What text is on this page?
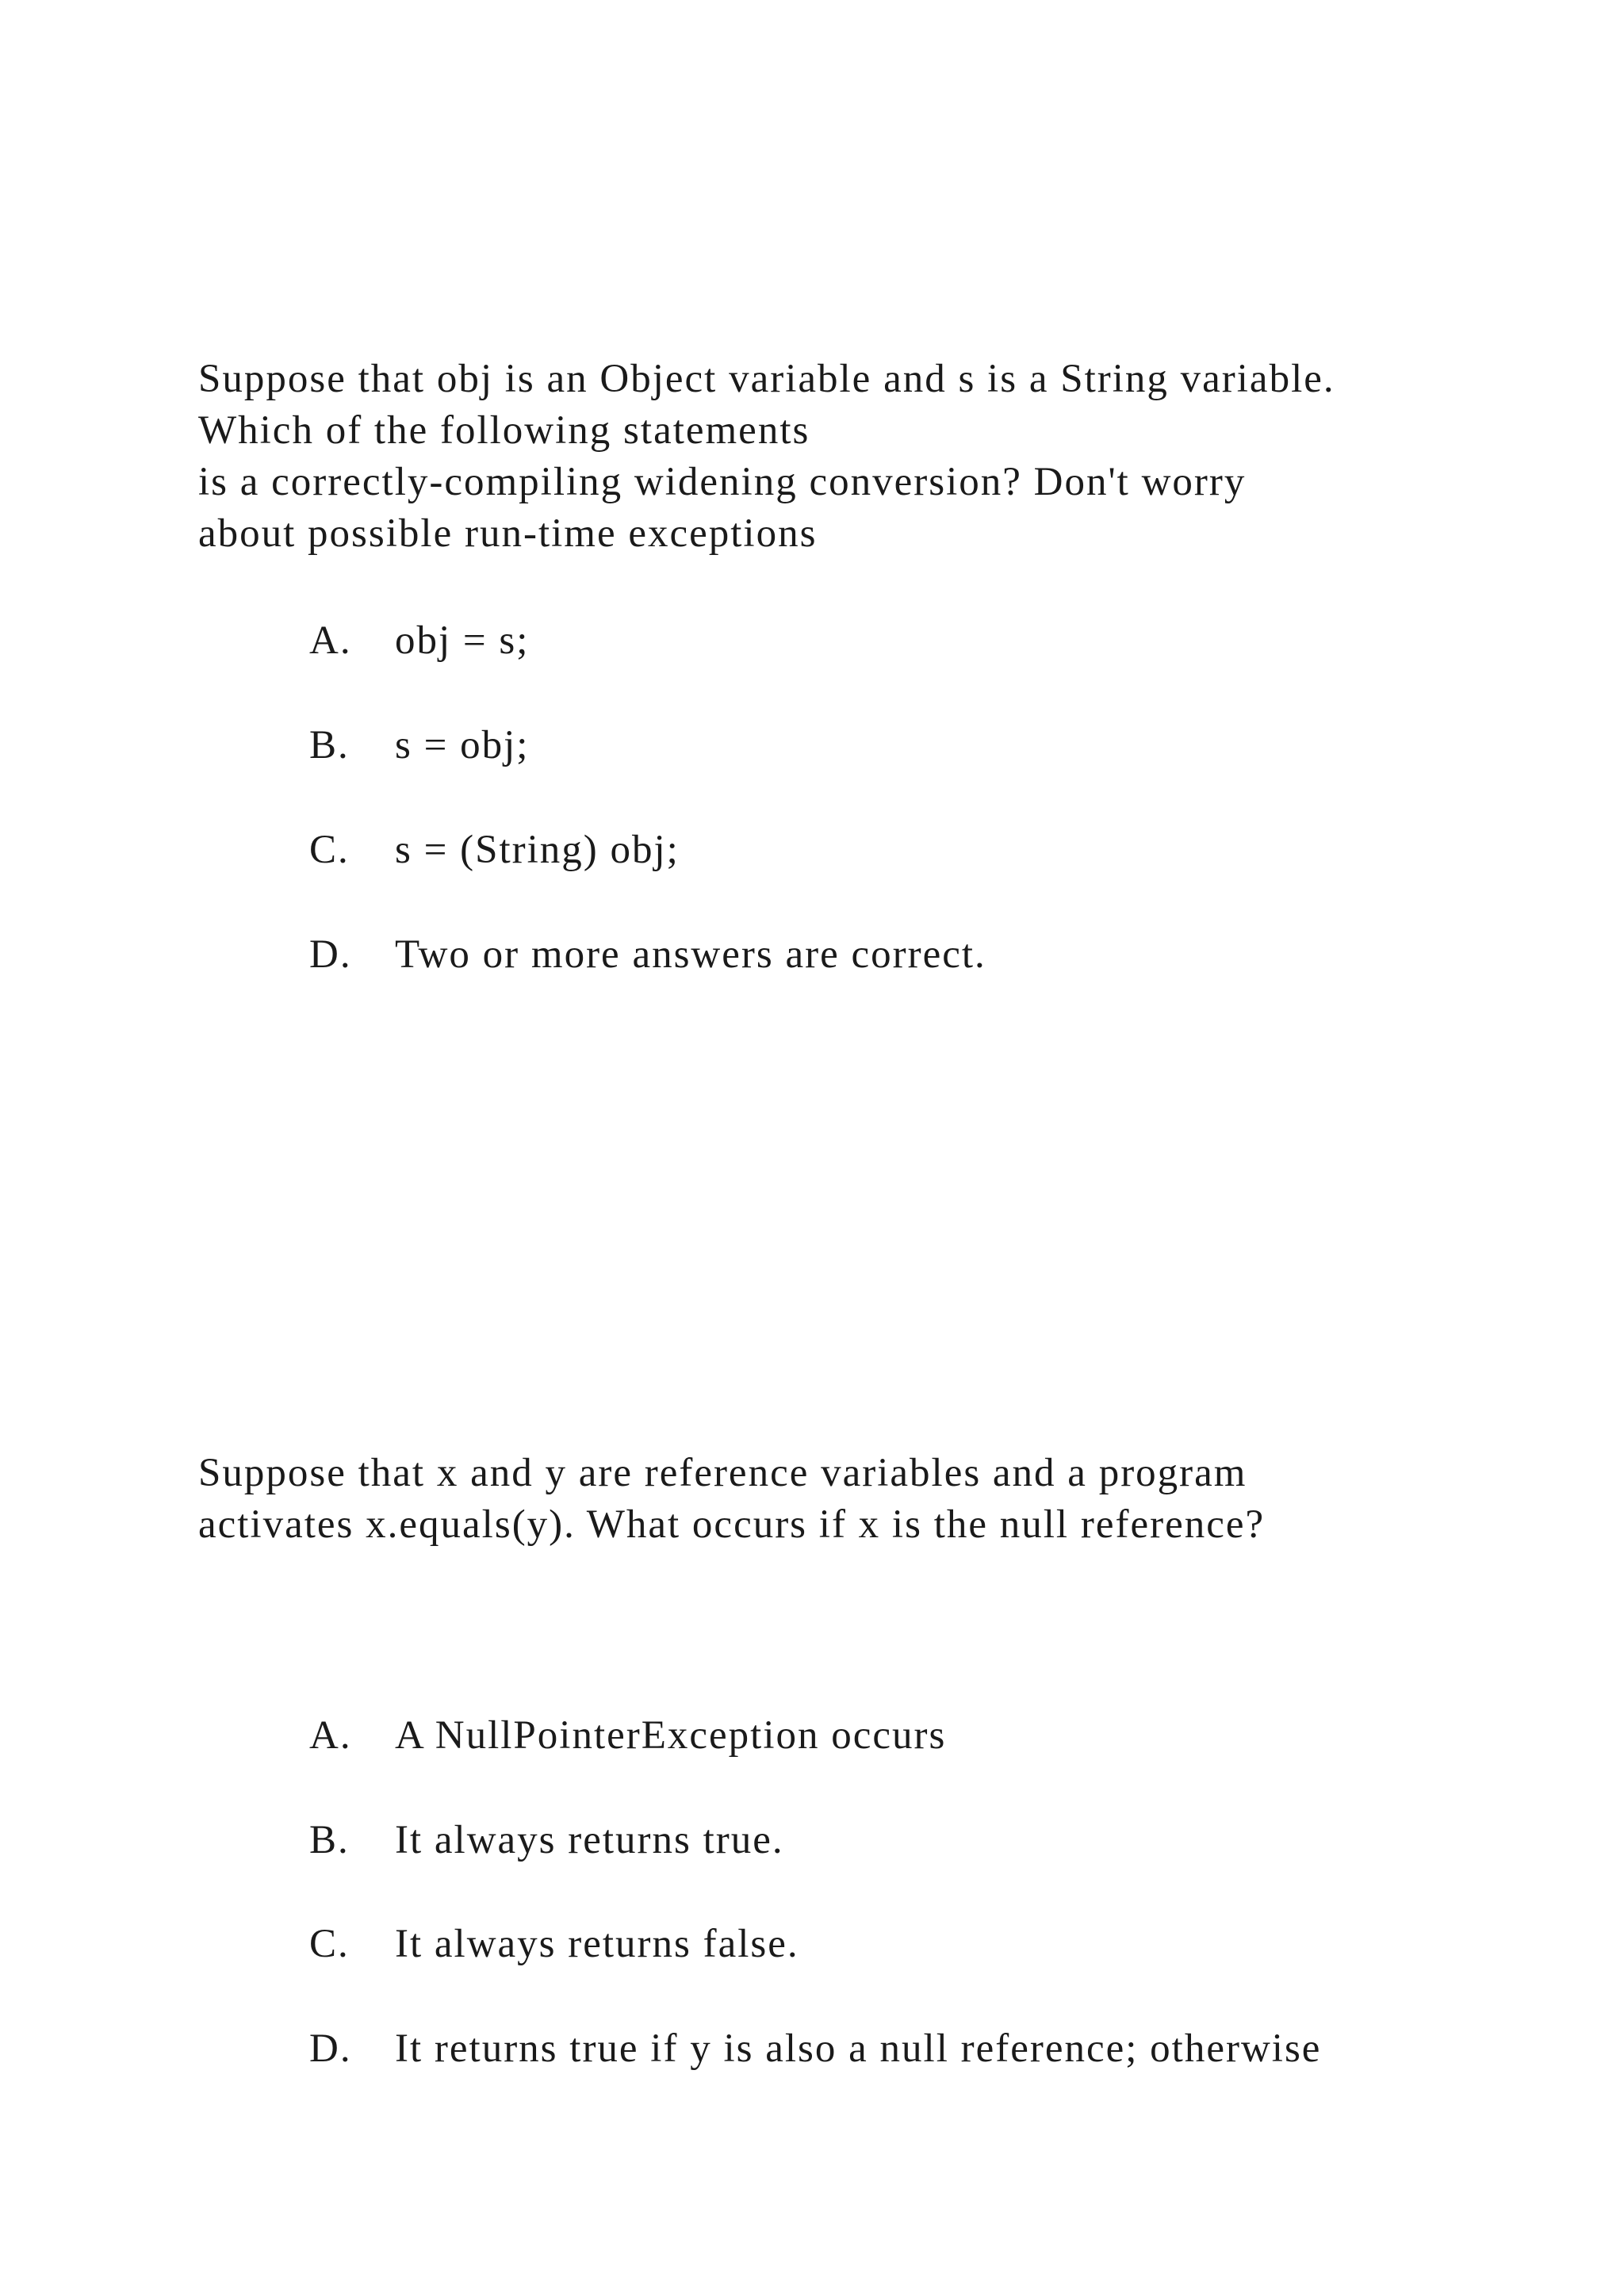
Suppose that obj is an Object variable and s is a String variable.
Which of the following statements
is a correctly-compiling widening conversion? Don't worry
about possible run-time exceptions

A.	obj = s;
B.	s = obj;
C.	s = (String) obj;
D.	Two or more answers are correct.

Suppose that x and y are reference variables and a program
activates x.equals(y). What occurs if x is the null reference?

A.	A NullPointerException occurs
B.	It always returns true.
C.	It always returns false.
D.	It returns true if y is also a null reference; otherwise
